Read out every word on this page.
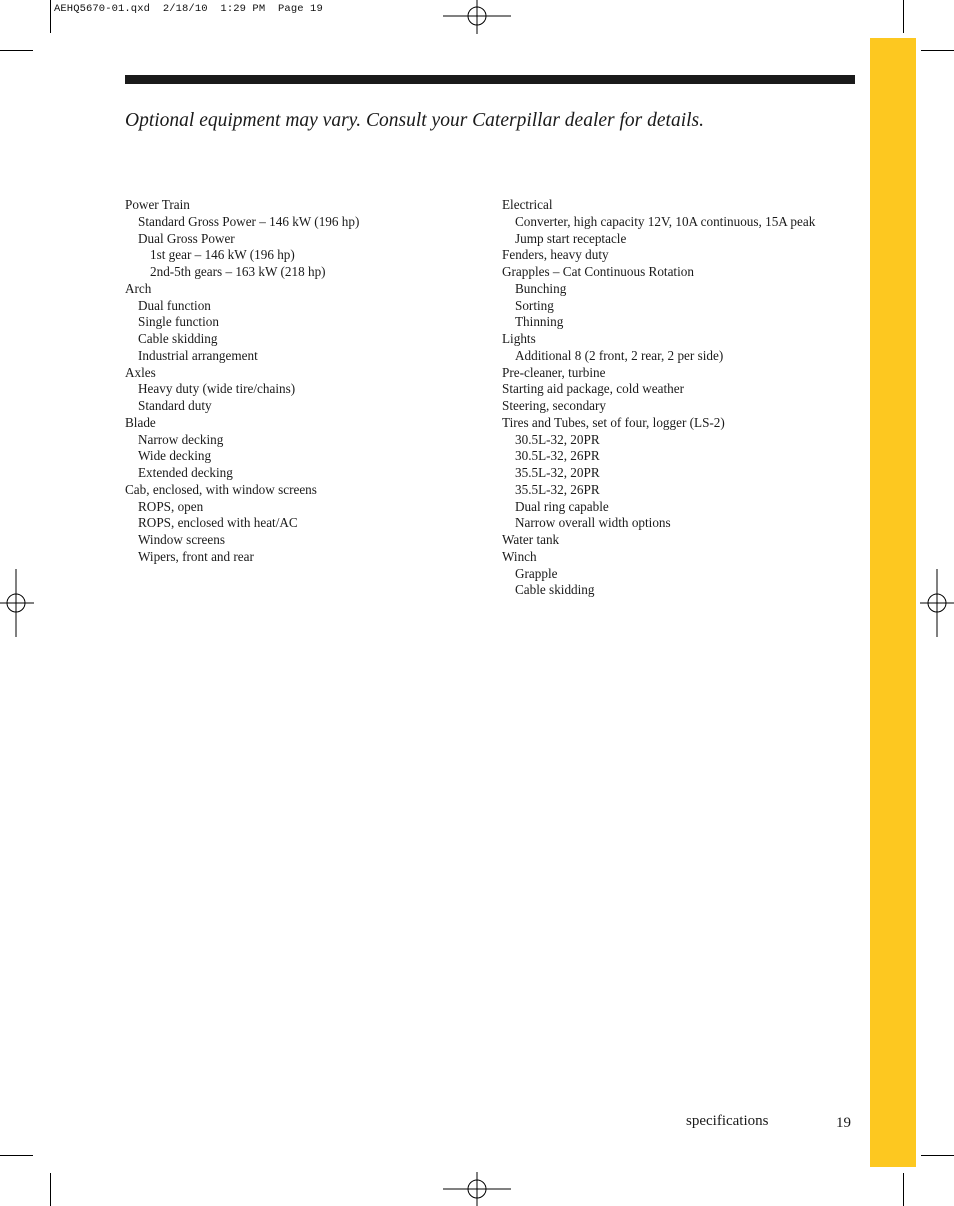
AEHQ5670-01.qxd  2/18/10  1:29 PM  Page 19
Optional equipment may vary. Consult your Caterpillar dealer for details.
Power Train
Standard Gross Power – 146 kW (196 hp)
Dual Gross Power
1st gear – 146 kW (196 hp)
2nd-5th gears – 163 kW (218 hp)
Arch
Dual function
Single function
Cable skidding
Industrial arrangement
Axles
Heavy duty (wide tire/chains)
Standard duty
Blade
Narrow decking
Wide decking
Extended decking
Cab, enclosed, with window screens
ROPS, open
ROPS, enclosed with heat/AC
Window screens
Wipers, front and rear
Electrical
Converter, high capacity 12V, 10A continuous, 15A peak
Jump start receptacle
Fenders, heavy duty
Grapples – Cat Continuous Rotation
Bunching
Sorting
Thinning
Lights
Additional 8 (2 front, 2 rear, 2 per side)
Pre-cleaner, turbine
Starting aid package, cold weather
Steering, secondary
Tires and Tubes, set of four, logger (LS-2)
30.5L-32, 20PR
30.5L-32, 26PR
35.5L-32, 20PR
35.5L-32, 26PR
Dual ring capable
Narrow overall width options
Water tank
Winch
Grapple
Cable skidding
specifications	19
